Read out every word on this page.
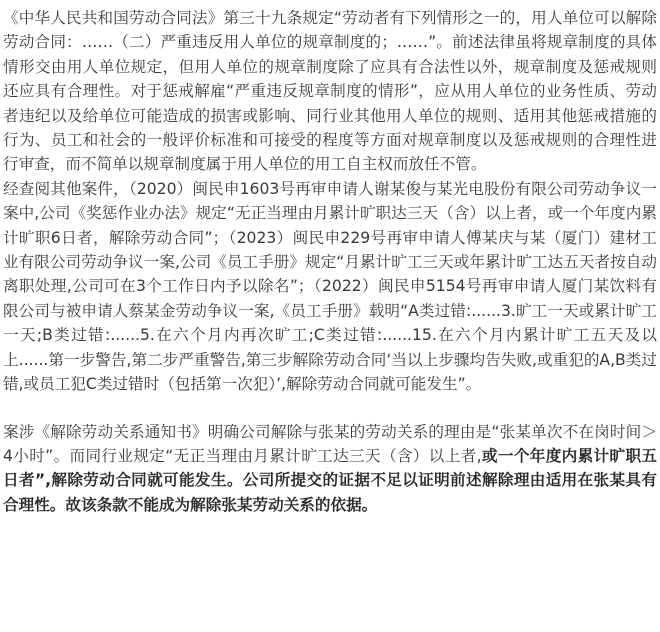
《中华人民共和国劳动合同法》第三十九条规定“劳动者有下列情形之一的，用人单位可以解除劳动合同：……（二）严重违反用人单位的规章制度的；……”。前述法律虽将规章制度的具体情形交由用人单位规定，但用人单位的规章制度除了应具有合法性以外，规章制度及惩戒规则还应具有合理性。对于惩戒解雇“严重违反规章制度的情形”，应从用人单位的业务性质、劳动者违纪以及给单位可能造成的损害或影响、同行业其他用人单位的规则、适用其他惩戒措施的行为、员工和社会的一般评价标准和可接受的程度等方面对规章制度以及惩戒规则的合理性进行审查，而不简单以规章制度属于用人单位的用工自主权而放任不管。

经查阅其他案件，（2020）闽民申1603号再审申请人谢某俊与某光电股份有限公司劳动争议一案中,公司《奖惩作业办法》规定“无正当理由月累计旷职达三天（含）以上者，或一个年度内累计旷职6日者，解除劳动合同”；（2023）闽民申229号再审申请人傅某庆与某（厦门）建材工业有限公司劳动争议一案,公司《员工手册》规定“月累计旷工三天或年累计旷工达五天者按自动离职处理,公司可在3个工作日内予以除名”；（2022）闽民申5154号再审申请人厦门某饮料有限公司与被申请人蔡某金劳动争议一案,《员工手册》载明“A类过错:......3.旷工一天或累计旷工一天;B类过错:......5.在六个月内再次旷工;C类过错:......15.在六个月内累计旷工五天及以上......第一步警告,第二步严重警告,第三步解除劳动合同‘当以上步骤均告失败,或重犯的A,B类过错,或员工犯C类过错时（包括第一次犯）’,解除劳动合同就可能发生”。

案涉《解除劳动关系通知书》明确公司解除与张某的劳动关系的理由是“张某单次不在岗时间＞4小时”。而同行业规定“无正当理由月累计旷工达三天（含）以上者,或一个年度内累计旷职五日者”,解除劳动合同就可能发生。公司所提交的证据不足以证明前述解除理由适用在张某具有合理性。故该条款不能成为解除张某劳动关系的依据。
